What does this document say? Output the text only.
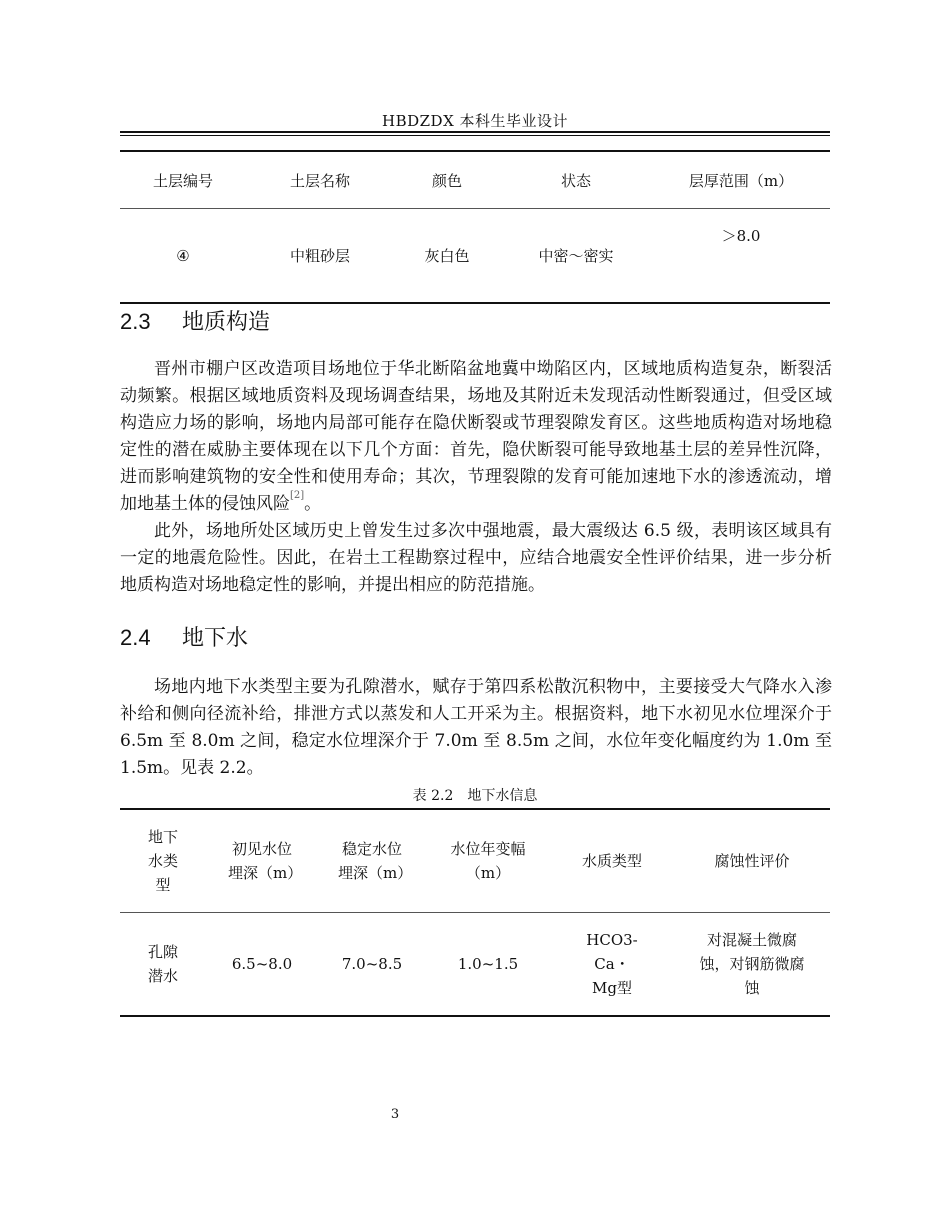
HBDZDX 本科生毕业设计
土层编号	土层名称	颜色	状态	层厚范围（m）
④	中粗砂层	灰白色	中密～密实	＞8.0
2.3 地质构造

晋州市棚户区改造项目场地位于华北断陷盆地冀中坳陷区内，区域地质构造复杂，断裂活动频繁。根据区域地质资料及现场调查结果，场地及其附近未发现活动性断裂通过，但受区域构造应力场的影响，场地内局部可能存在隐伏断裂或节理裂隙发育区。这些地质构造对场地稳定性的潜在威胁主要体现在以下几个方面：首先，隐伏断裂可能导致地基土层的差异性沉降，进而影响建筑物的安全性和使用寿命；其次，节理裂隙的发育可能加速地下水的渗透流动，增加地基土体的侵蚀风险[2]。

此外，场地所处区域历史上曾发生过多次中强地震，最大震级达 6.5 级，表明该区域具有一定的地震危险性。因此，在岩土工程勘察过程中，应结合地震安全性评价结果，进一步分析地质构造对场地稳定性的影响，并提出相应的防范措施。

2.4 地下水

场地内地下水类型主要为孔隙潜水，赋存于第四系松散沉积物中，主要接受大气降水入渗补给和侧向径流补给，排泄方式以蒸发和人工开采为主。根据资料，地下水初见水位埋深介于 6.5m 至 8.0m 之间，稳定水位埋深介于 7.0m 至 8.5m 之间，水位年变化幅度约为 1.0m 至 1.5m。见表 2.2。

表 2.2　地下水信息
地下水类型	初见水位埋深（m）	稳定水位埋深（m）	水位年变幅（m）	水质类型	腐蚀性评价
孔隙潜水	6.5~8.0	7.0~8.5	1.0~1.5	HCO3-Ca・Mg型	对混凝土微腐蚀，对钢筋微腐蚀
3
